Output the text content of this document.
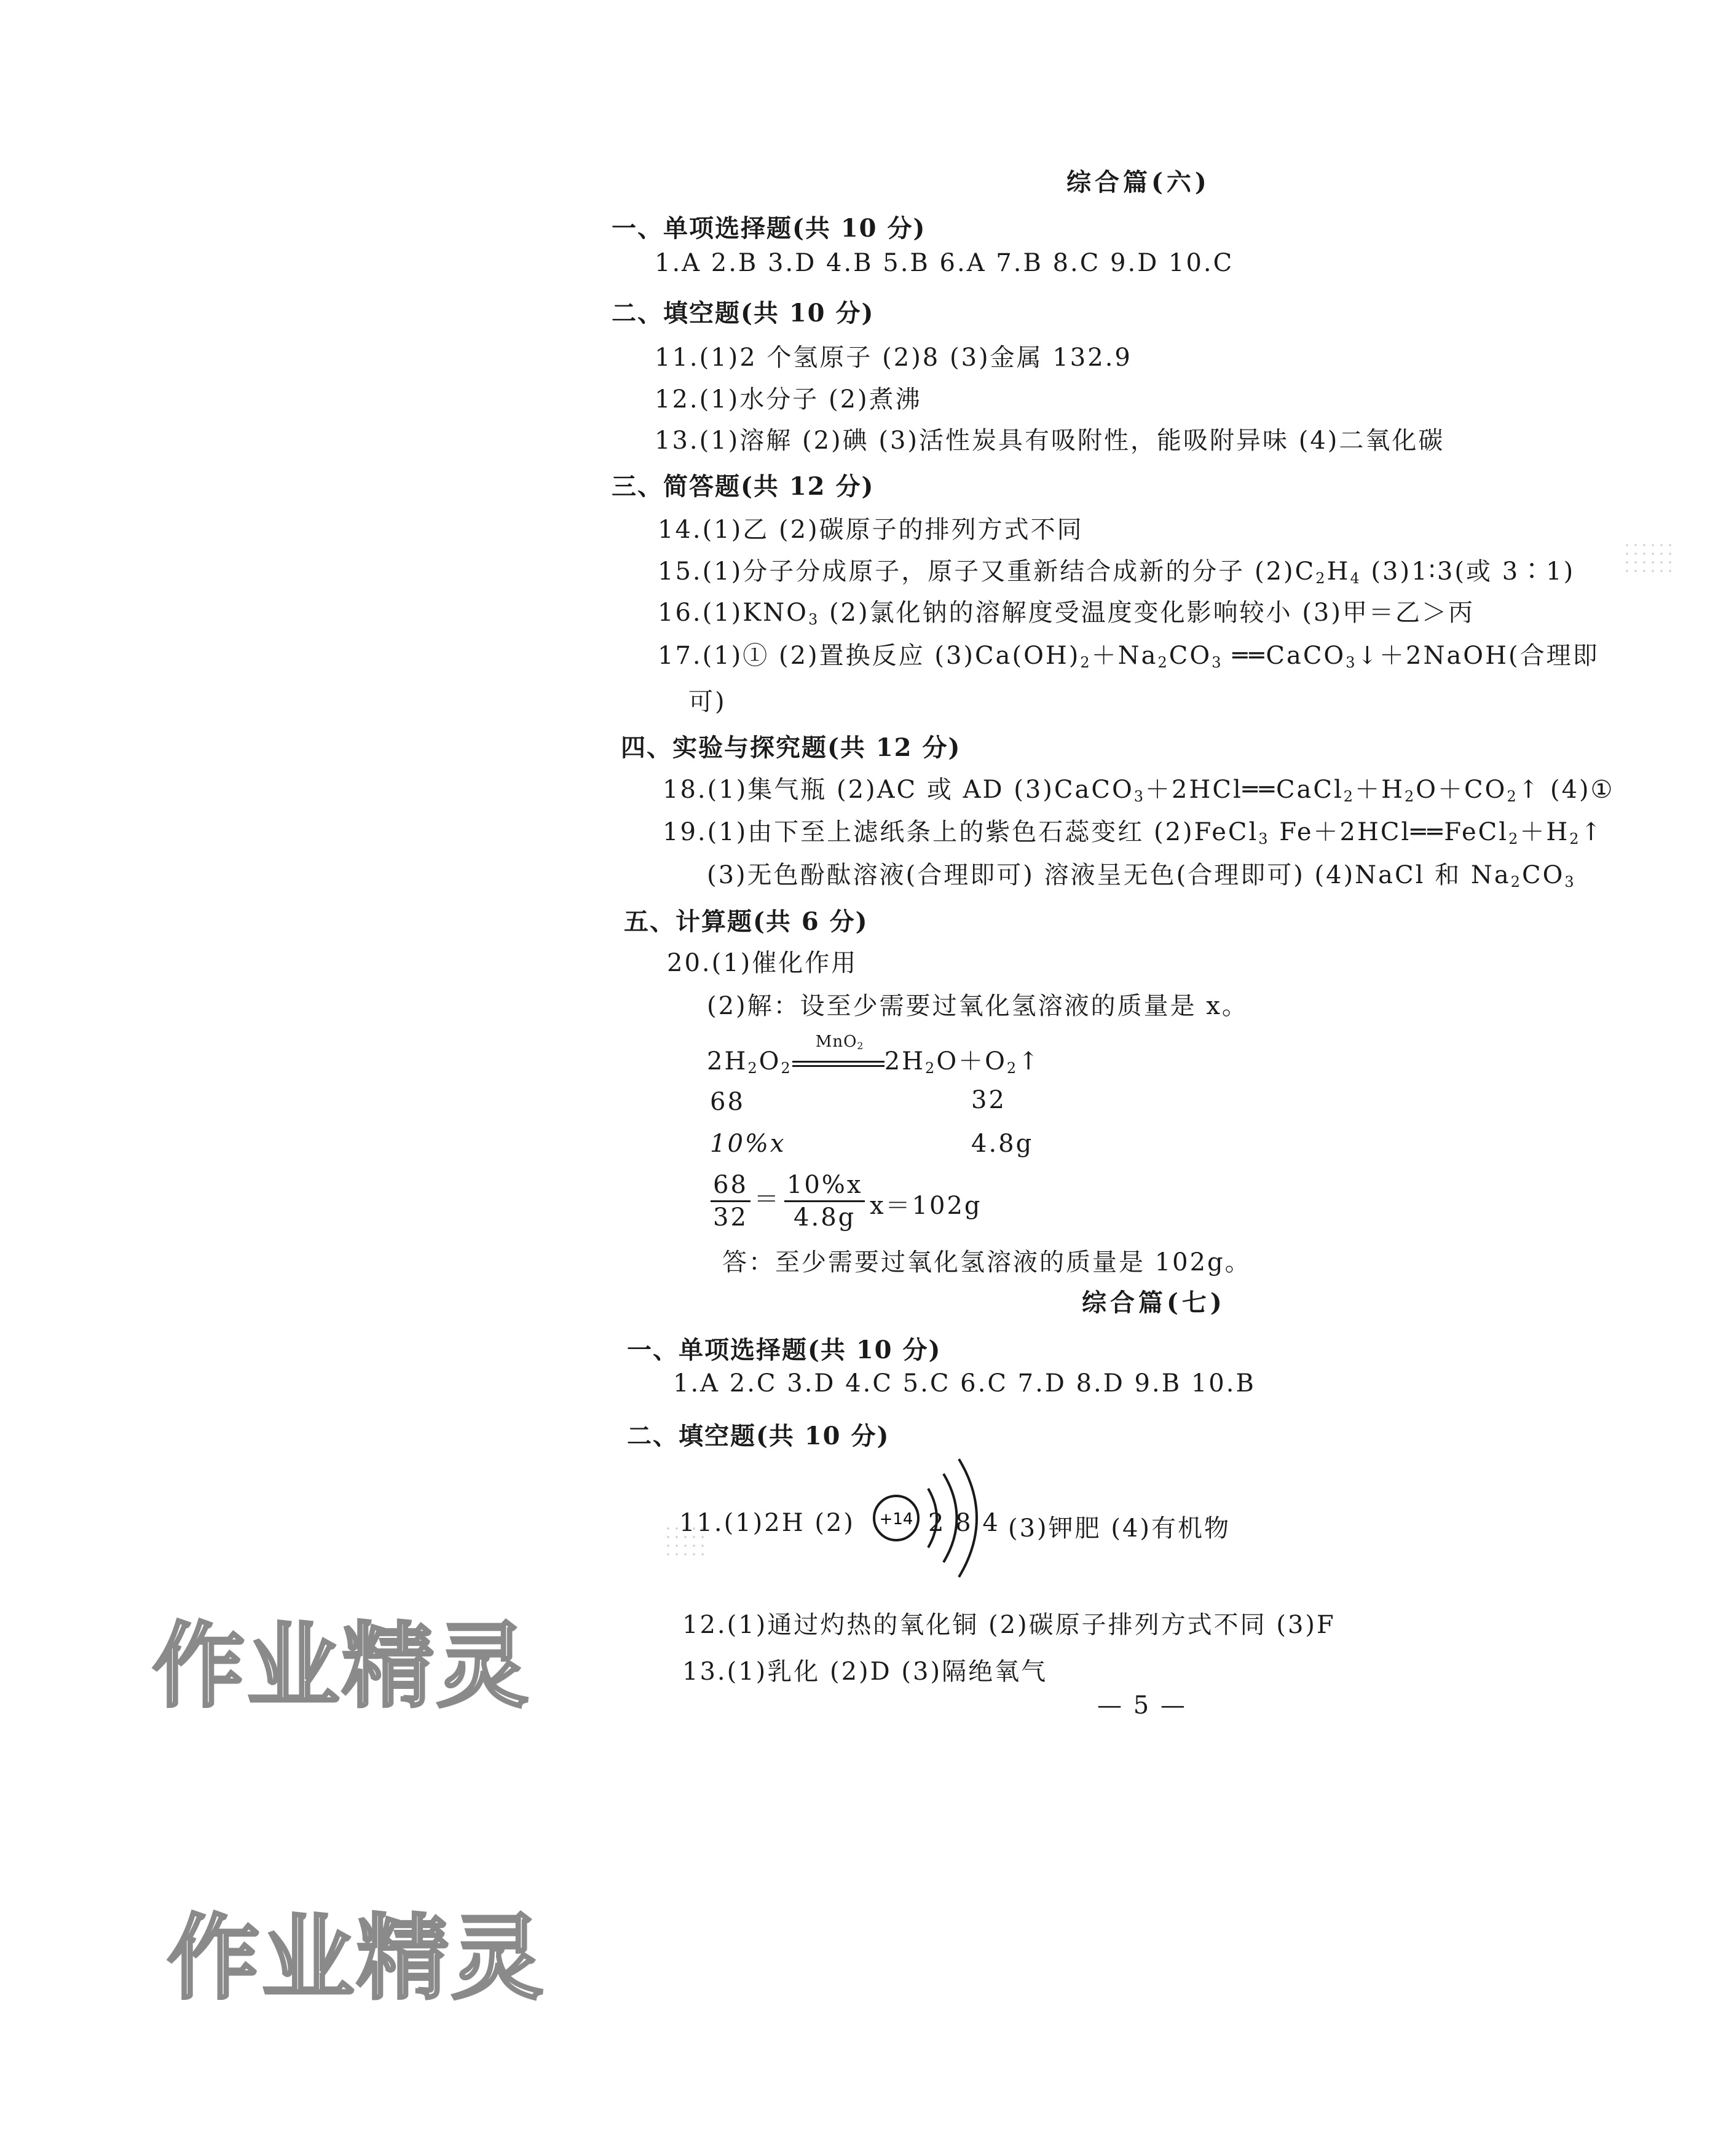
综合篇(六)
一、单项选择题(共 10 分)
1.A 2.B 3.D 4.B 5.B 6.A 7.B 8.C 9.D 10.C
二、填空题(共 10 分)
11.(1)2 个氢原子 (2)8 (3)金属 132.9
12.(1)水分子 (2)煮沸
13.(1)溶解 (2)碘 (3)活性炭具有吸附性，能吸附异味 (4)二氧化碳
三、简答题(共 12 分)
14.(1)乙 (2)碳原子的排列方式不同
15.(1)分子分成原子，原子又重新结合成新的分子 $(2)C_2H_4$ (3)1∶3(或 3∶1)
$16.(1)KNO_3$ (2)氯化钠的溶解度受温度变化影响较小 (3)甲＝乙＞丙
17.(1)① (2)置换反应 $(3)Ca(OH)_2+Na_2CO_3$ ══CaCO$_3$↓＋2NaOH(合理即
可)
四、实验与探究题(共 12 分)
18.(1)集气瓶 (2)AC 或 AD $(3)CaCO_3+2HCl══CaCl_2+H_2O+CO_2↑$ (4)①
19.(1)由下至上滤纸条上的紫色石蕊变红 (2)FeCl$_3$ $Fe+2HCl══FeCl_2+H_2↑$
(3)无色酚酞溶液(合理即可) 溶液呈无色(合理即可) (4)NaCl 和 $Na_2CO_3$
五、计算题(共 6 分)
20.(1)催化作用
(2)解：设至少需要过氧化氢溶液的质量是 x。
$2H_2O_2$
MnO$_2$
$2H_2O+O_2↑$
68	32
10%x	4.8g
$\frac{68}{32} = \frac{10\%x}{4.8g} x=102g$
答：至少需要过氧化氢溶液的质量是 102g。
综合篇(七)
一、单项选择题(共 10 分)
1.A 2.C 3.D 4.C 5.C 6.C 7.D 8.D 9.B 10.B
二、填空题(共 10 分)
11.(1)2H (2) +14 2 8 4 (3)钾肥 (4)有机物
12.(1)通过灼热的氧化铜 (2)碳原子排列方式不同 (3)F
13.(1)乳化 (2)D (3)隔绝氧气
— 5 —
作业精灵
作业精灵
